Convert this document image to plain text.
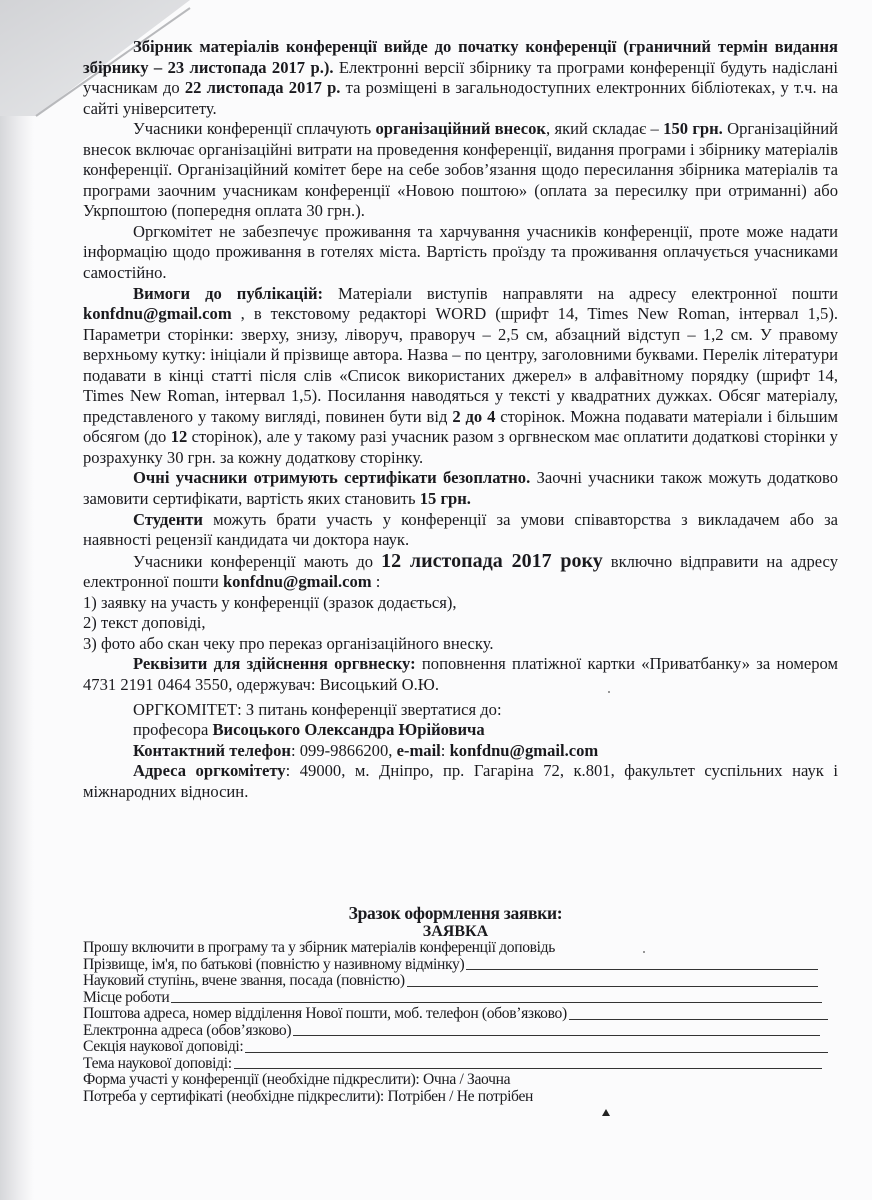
Збірник матеріалів конференції вийде до початку конференції (граничний термін видання збірнику – 23 листопада 2017 р.). Електронні версії збірнику та програми конференції будуть надіслані учасникам до 22 листопада 2017 р. та розміщені в загальнодоступних електронних бібліотеках, у т.ч. на сайті університету.

Учасники конференції сплачують організаційний внесок, який складає – 150 грн. Організаційний внесок включає організаційні витрати на проведення конференції, видання програми і збірнику матеріалів конференції. Організаційний комітет бере на себе зобов’язання щодо пересилання збірника матеріалів та програми заочним учасникам конференції «Новою поштою» (оплата за пересилку при отриманні) або Укрпоштою (попередня оплата 30 грн.).

Оргкомітет не забезпечує проживання та харчування учасників конференції, проте може надати інформацію щодо проживання в готелях міста. Вартість проїзду та проживання оплачується учасниками самостійно.

Вимоги до публікацій: Матеріали виступів направляти на адресу електронної пошти konfdnu@gmail.com , в текстовому редакторі WORD (шрифт 14, Times New Roman, інтервал 1,5). Параметри сторінки: зверху, знизу, ліворуч, праворуч – 2,5 см, абзацний відступ – 1,2 см. У правому верхньому кутку: ініціали й прізвище автора. Назва – по центру, заголовними буквами. Перелік літератури подавати в кінці статті після слів «Список використаних джерел» в алфавітному порядку (шрифт 14, Times New Roman, інтервал 1,5). Посилання наводяться у тексті у квадратних дужках. Обсяг матеріалу, представленого у такому вигляді, повинен бути від 2 до 4 сторінок. Можна подавати матеріали і більшим обсягом (до 12 сторінок), але у такому разі учасник разом з оргвнеском має оплатити додаткові сторінки у розрахунку 30 грн. за кожну додаткову сторінку.

Очні учасники отримують сертифікати безоплатно. Заочні учасники також можуть додатково замовити сертифікати, вартість яких становить 15 грн.

Студенти можуть брати участь у конференції за умови співавторства з викладачем або за наявності рецензії кандидата чи доктора наук.

Учасники конференції мають до 12 листопада 2017 року включно відправити на адресу електронної пошти konfdnu@gmail.com :

1) заявку на участь у конференції (зразок додається),

2) текст доповіді,

3) фото або скан чеку про переказ організаційного внеску.

Реквізити для здійснення оргвнеску: поповнення платіжної картки «Приватбанку» за номером 4731 2191 0464 3550, одержувач: Висоцький О.Ю.

ОРГКОМІТЕТ: З питань конференції звертатися до:

професора Висоцького Олександра Юрійовича

Контактний телефон: 099-9866200, e-mail: konfdnu@gmail.com

Адреса оргкомітету: 49000, м. Дніпро, пр. Гагаріна 72, к.801, факультет суспільних наук і міжнародних відносин.

Зразок оформлення заявки:
ЗАЯВКА
Прошу включити в програму та у збірник матеріалів конференції доповідь
Прізвище, ім'я, по батькові (повністю у називному відмінку)
Науковий ступінь, вчене звання, посада (повністю)
Місце роботи
Поштова адреса, номер відділення Нової пошти, моб. телефон (обов’язково)
Електронна адреса (обов’язково)
Секція наукової доповіді:
Тема наукової доповіді:
Форма участі у конференції (необхідне підкреслити): Очна / Заочна
Потреба у сертифікаті (необхідне підкреслити): Потрібен / Не потрібен
